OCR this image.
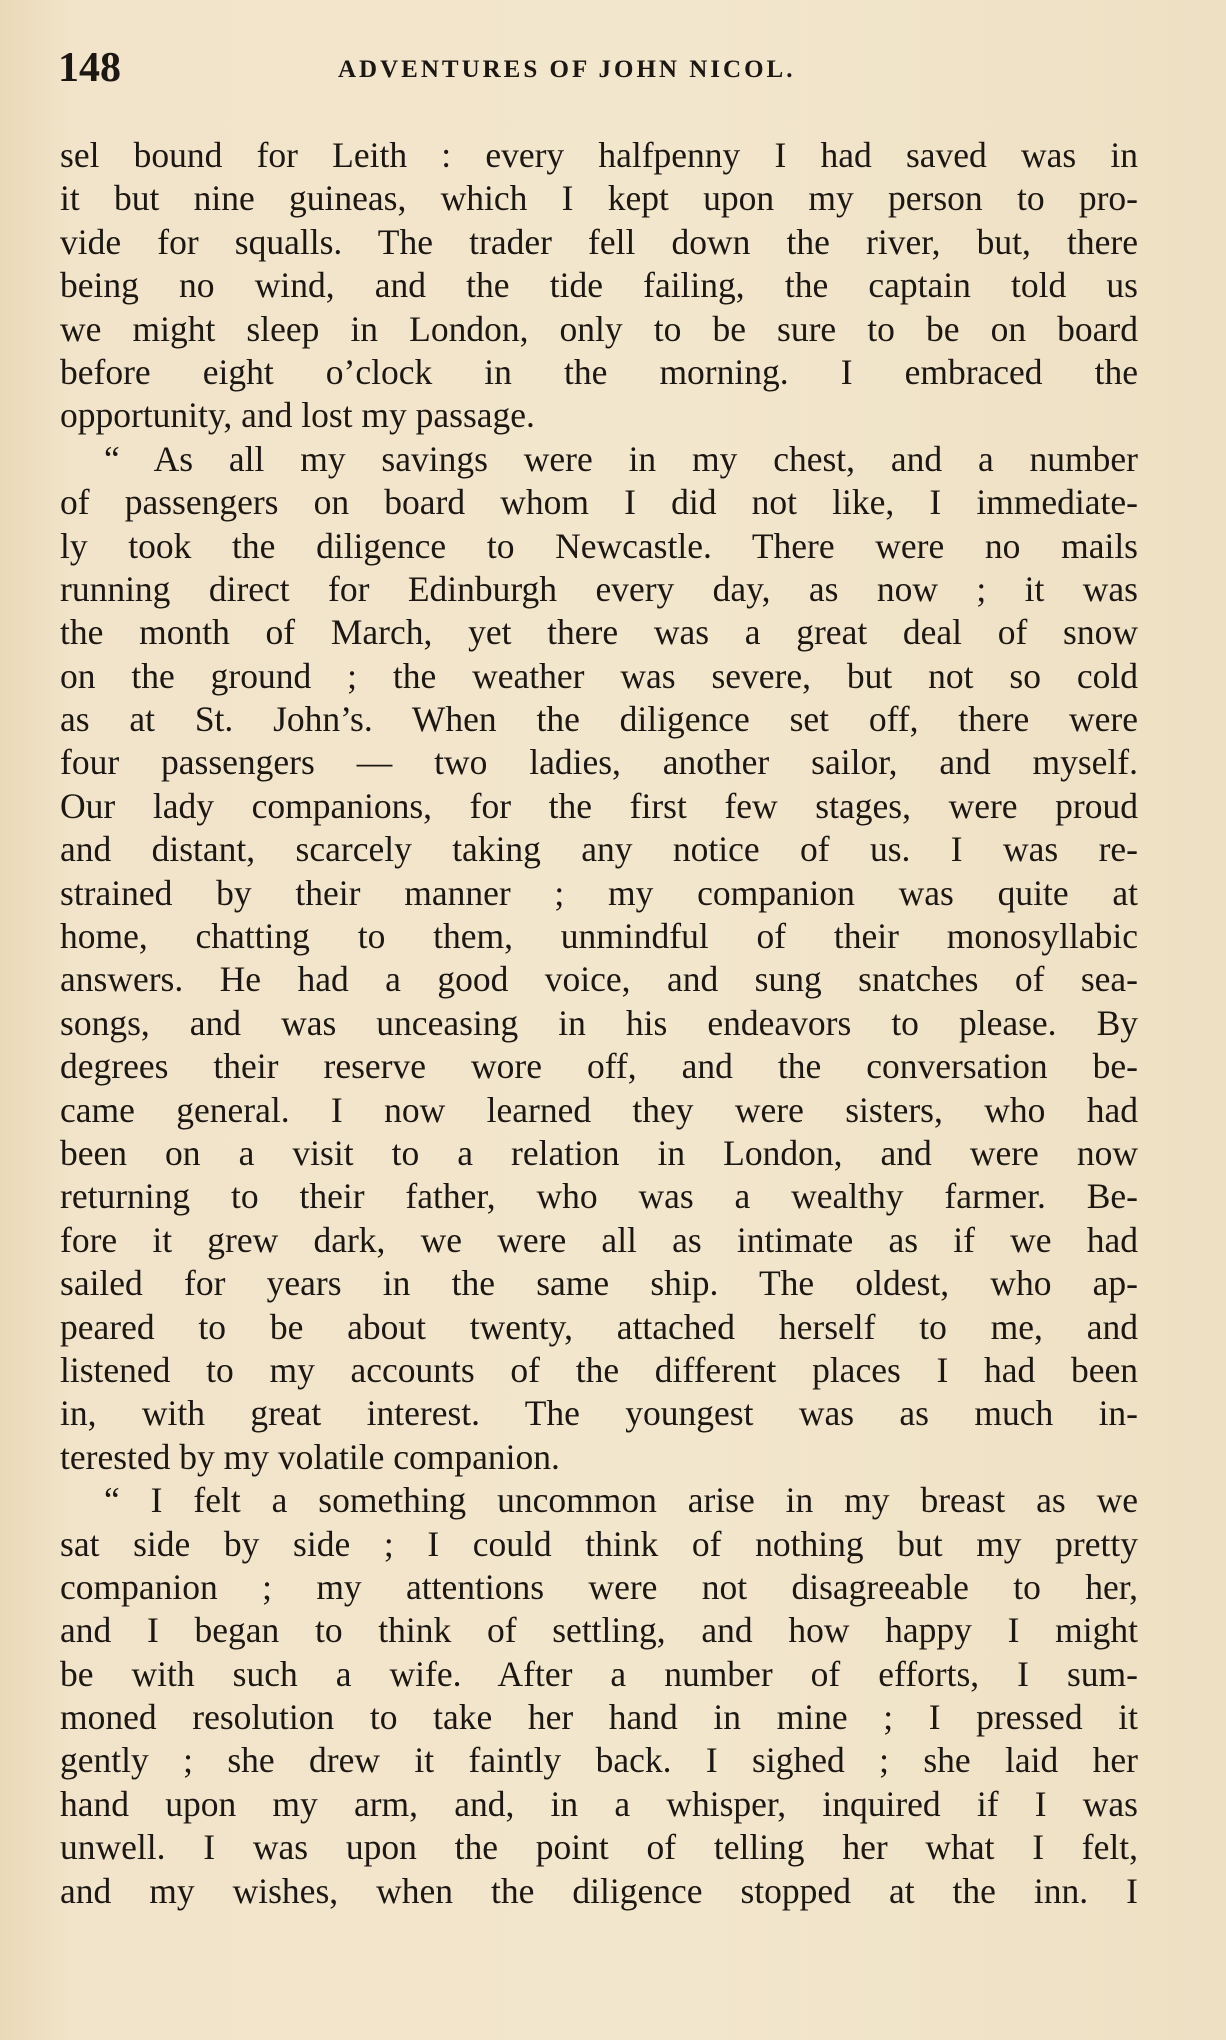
148	ADVENTURES OF JOHN NICOL.
sel bound for Leith : every halfpenny I had saved was in
it but nine guineas, which I kept upon my person to pro-
vide for squalls. The trader fell down the river, but, there
being no wind, and the tide failing, the captain told us
we might sleep in London, only to be sure to be on board
before eight o’clock in the morning. I embraced the
opportunity, and lost my passage.
“ As all my savings were in my chest, and a number
of passengers on board whom I did not like, I immediate-
ly took the diligence to Newcastle. There were no mails
running direct for Edinburgh every day, as now ; it was
the month of March, yet there was a great deal of snow
on the ground ; the weather was severe, but not so cold
as at St. John’s. When the diligence set off, there were
four passengers — two ladies, another sailor, and myself.
Our lady companions, for the first few stages, were proud
and distant, scarcely taking any notice of us. I was re-
strained by their manner ; my companion was quite at
home, chatting to them, unmindful of their monosyllabic
answers. He had a good voice, and sung snatches of sea-
songs, and was unceasing in his endeavors to please. By
degrees their reserve wore off, and the conversation be-
came general. I now learned they were sisters, who had
been on a visit to a relation in London, and were now
returning to their father, who was a wealthy farmer. Be-
fore it grew dark, we were all as intimate as if we had
sailed for years in the same ship. The oldest, who ap-
peared to be about twenty, attached herself to me, and
listened to my accounts of the different places I had been
in, with great interest. The youngest was as much in-
terested by my volatile companion.
“ I felt a something uncommon arise in my breast as we
sat side by side ; I could think of nothing but my pretty
companion ; my attentions were not disagreeable to her,
and I began to think of settling, and how happy I might
be with such a wife. After a number of efforts, I sum-
moned resolution to take her hand in mine ; I pressed it
gently ; she drew it faintly back. I sighed ; she laid her
hand upon my arm, and, in a whisper, inquired if I was
unwell. I was upon the point of telling her what I felt,
and my wishes, when the diligence stopped at the inn. I
